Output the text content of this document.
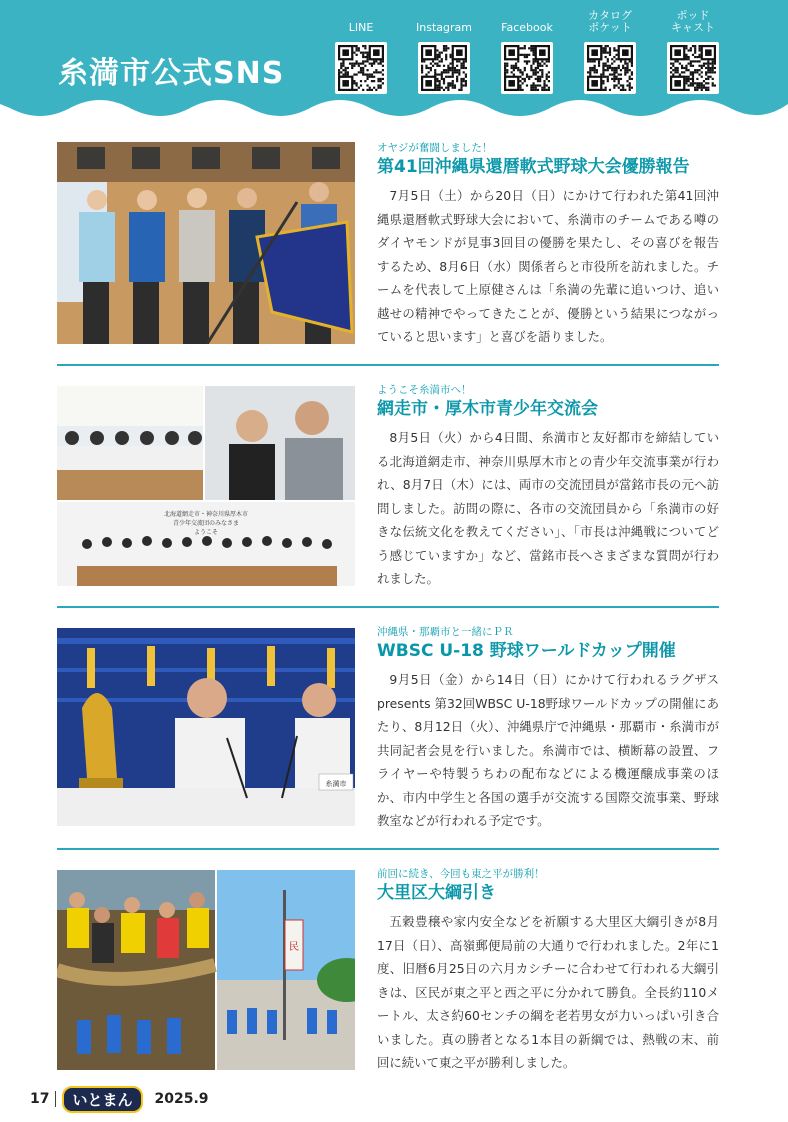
糸満市公式SNS
LINE	Instagram	Facebook
カタログ
ポケット
ポッド
キャスト
オヤジが奮闘しました！
第41回沖縄県還暦軟式野球大会優勝報告
7月5日（土）から20日（日）にかけて行われた第41回沖縄県還暦軟式野球大会において、糸満市のチームである噂のダイヤモンドが見事3回目の優勝を果たし、その喜びを報告するため、8月6日（水）関係者らと市役所を訪れました。チームを代表して上原健さんは「糸満の先輩に追いつけ、追い越せの精神でやってきたことが、優勝という結果につながっていると思います」と喜びを語りました。
北海道網走市・神奈川県厚木市
青少年交流団のみなさま
ようこそ
ようこそ糸満市へ！
網走市・厚木市青少年交流会
8月5日（火）から4日間、糸満市と友好都市を締結している北海道網走市、神奈川県厚木市との青少年交流事業が行われ、8月7日（木）には、両市の交流団員が當銘市長の元へ訪問しました。訪問の際に、各市の交流団員から「糸満市の好きな伝統文化を教えてください」、「市長は沖縄戦についてどう感じていますか」など、當銘市長へさまざまな質問が行われました。
糸満市
沖縄県・那覇市と一緒にＰＲ
WBSC U-18 野球ワールドカップ開催
9月5日（金）から14日（日）にかけて行われるラグザス presents 第32回WBSC U-18野球ワールドカップの開催にあたり、8月12日（火）、沖縄県庁で沖縄県・那覇市・糸満市が共同記者会見を行いました。糸満市では、横断幕の設置、フライヤーや特製うちわの配布などによる機運醸成事業のほか、市内中学生と各国の選手が交流する国際交流事業、野球教室などが行われる予定です。
民
前回に続き、今回も東之平が勝利！
大里区大綱引き
五穀豊穣や家内安全などを祈願する大里区大綱引きが8月17日（日）、高嶺郵便局前の大通りで行われました。2年に1度、旧暦6月25日の六月カシチーに合わせて行われる大綱引きは、区民が東之平と西之平に分かれて勝負。全長約110メートル、太さ約60センチの綱を老若男女が力いっぱい引き合いました。真の勝者となる1本目の新綱では、熱戦の末、前回に続いて東之平が勝利しました。
17	いとまん	2025.9
